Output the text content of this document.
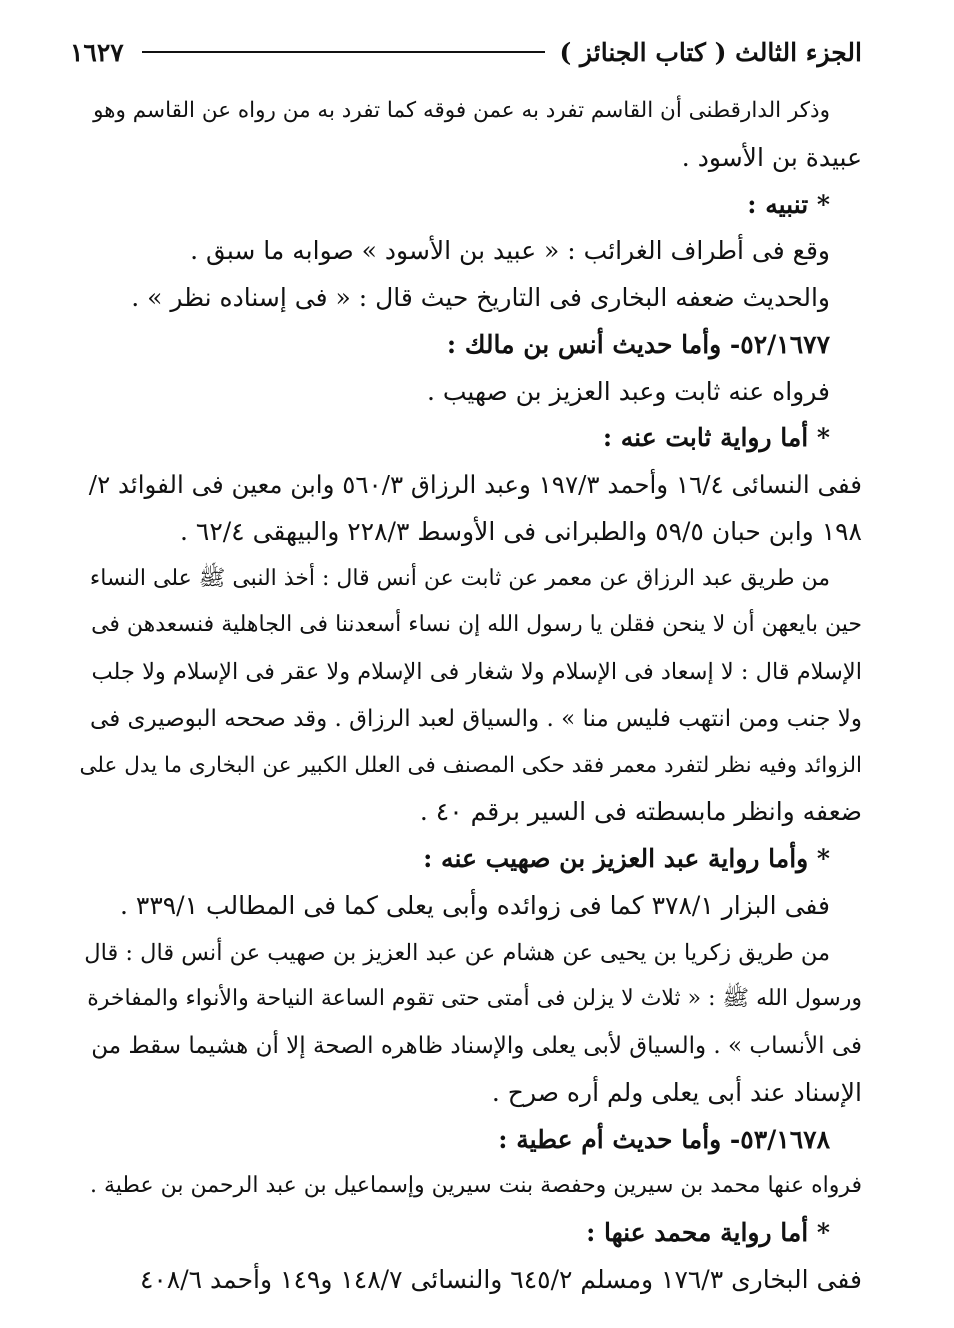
١٦٢٧	الجزء الثالث ( كتاب الجنائز )
وذكر الدارقطنى أن القاسم تفرد به عمن فوقه كما تفرد به من رواه عن القاسم وهو
عبيدة بن الأسود .
* تنبيه :
وقع فى أطراف الغرائب : « عبيد بن الأسود » صوابه ما سبق .
والحديث ضعفه البخارى فى التاريخ حيث قال : « فى إسناده نظر » .
٥٢/١٦٧٧- وأما حديث أنس بن مالك :
فرواه عنه ثابت وعبد العزيز بن صهيب .
* أما رواية ثابت عنه :
ففى النسائى ١٦/٤ وأحمد ١٩٧/٣ وعبد الرزاق ٥٦٠/٣ وابن معين فى الفوائد ٢/
١٩٨ وابن حبان ٥٩/٥ والطبرانى فى الأوسط ٢٢٨/٣ والبيهقى ٦٢/٤ .
من طريق عبد الرزاق عن معمر عن ثابت عن أنس قال : أخذ النبى ﷺ على النساء
حين بايعهن أن لا ينحن فقلن يا رسول الله إن نساء أسعدننا فى الجاهلية فنسعدهن فى
الإسلام قال : لا إسعاد فى الإسلام ولا شغار فى الإسلام ولا عقر فى الإسلام ولا جلب
ولا جنب ومن انتهب فليس منا » . والسياق لعبد الرزاق . وقد صححه البوصيرى فى
الزوائد وفيه نظر لتفرد معمر فقد حكى المصنف فى العلل الكبير عن البخارى ما يدل على
ضعفه وانظر مابسطته فى السير برقم ٤٠ .
* وأما رواية عبد العزيز بن صهيب عنه :
ففى البزار ٣٧٨/١ كما فى زوائده وأبى يعلى كما فى المطالب ٣٣٩/١ .
من طريق زكريا بن يحيى عن هشام عن عبد العزيز بن صهيب عن أنس قال : قال
ورسول الله ﷺ : « ثلاث لا يزلن فى أمتى حتى تقوم الساعة النياحة والأنواء والمفاخرة
فى الأنساب » . والسياق لأبى يعلى والإسناد ظاهره الصحة إلا أن هشيما سقط من
الإسناد عند أبى يعلى ولم أره صرح .
٥٣/١٦٧٨- وأما حديث أم عطية :
فرواه عنها محمد بن سيرين وحفصة بنت سيرين وإسماعيل بن عبد الرحمن بن عطية .
* أما رواية محمد عنها :
ففى البخارى ١٧٦/٣ ومسلم ٦٤٥/٢ والنسائى ١٤٨/٧ و١٤٩ وأحمد ٤٠٨/٦
